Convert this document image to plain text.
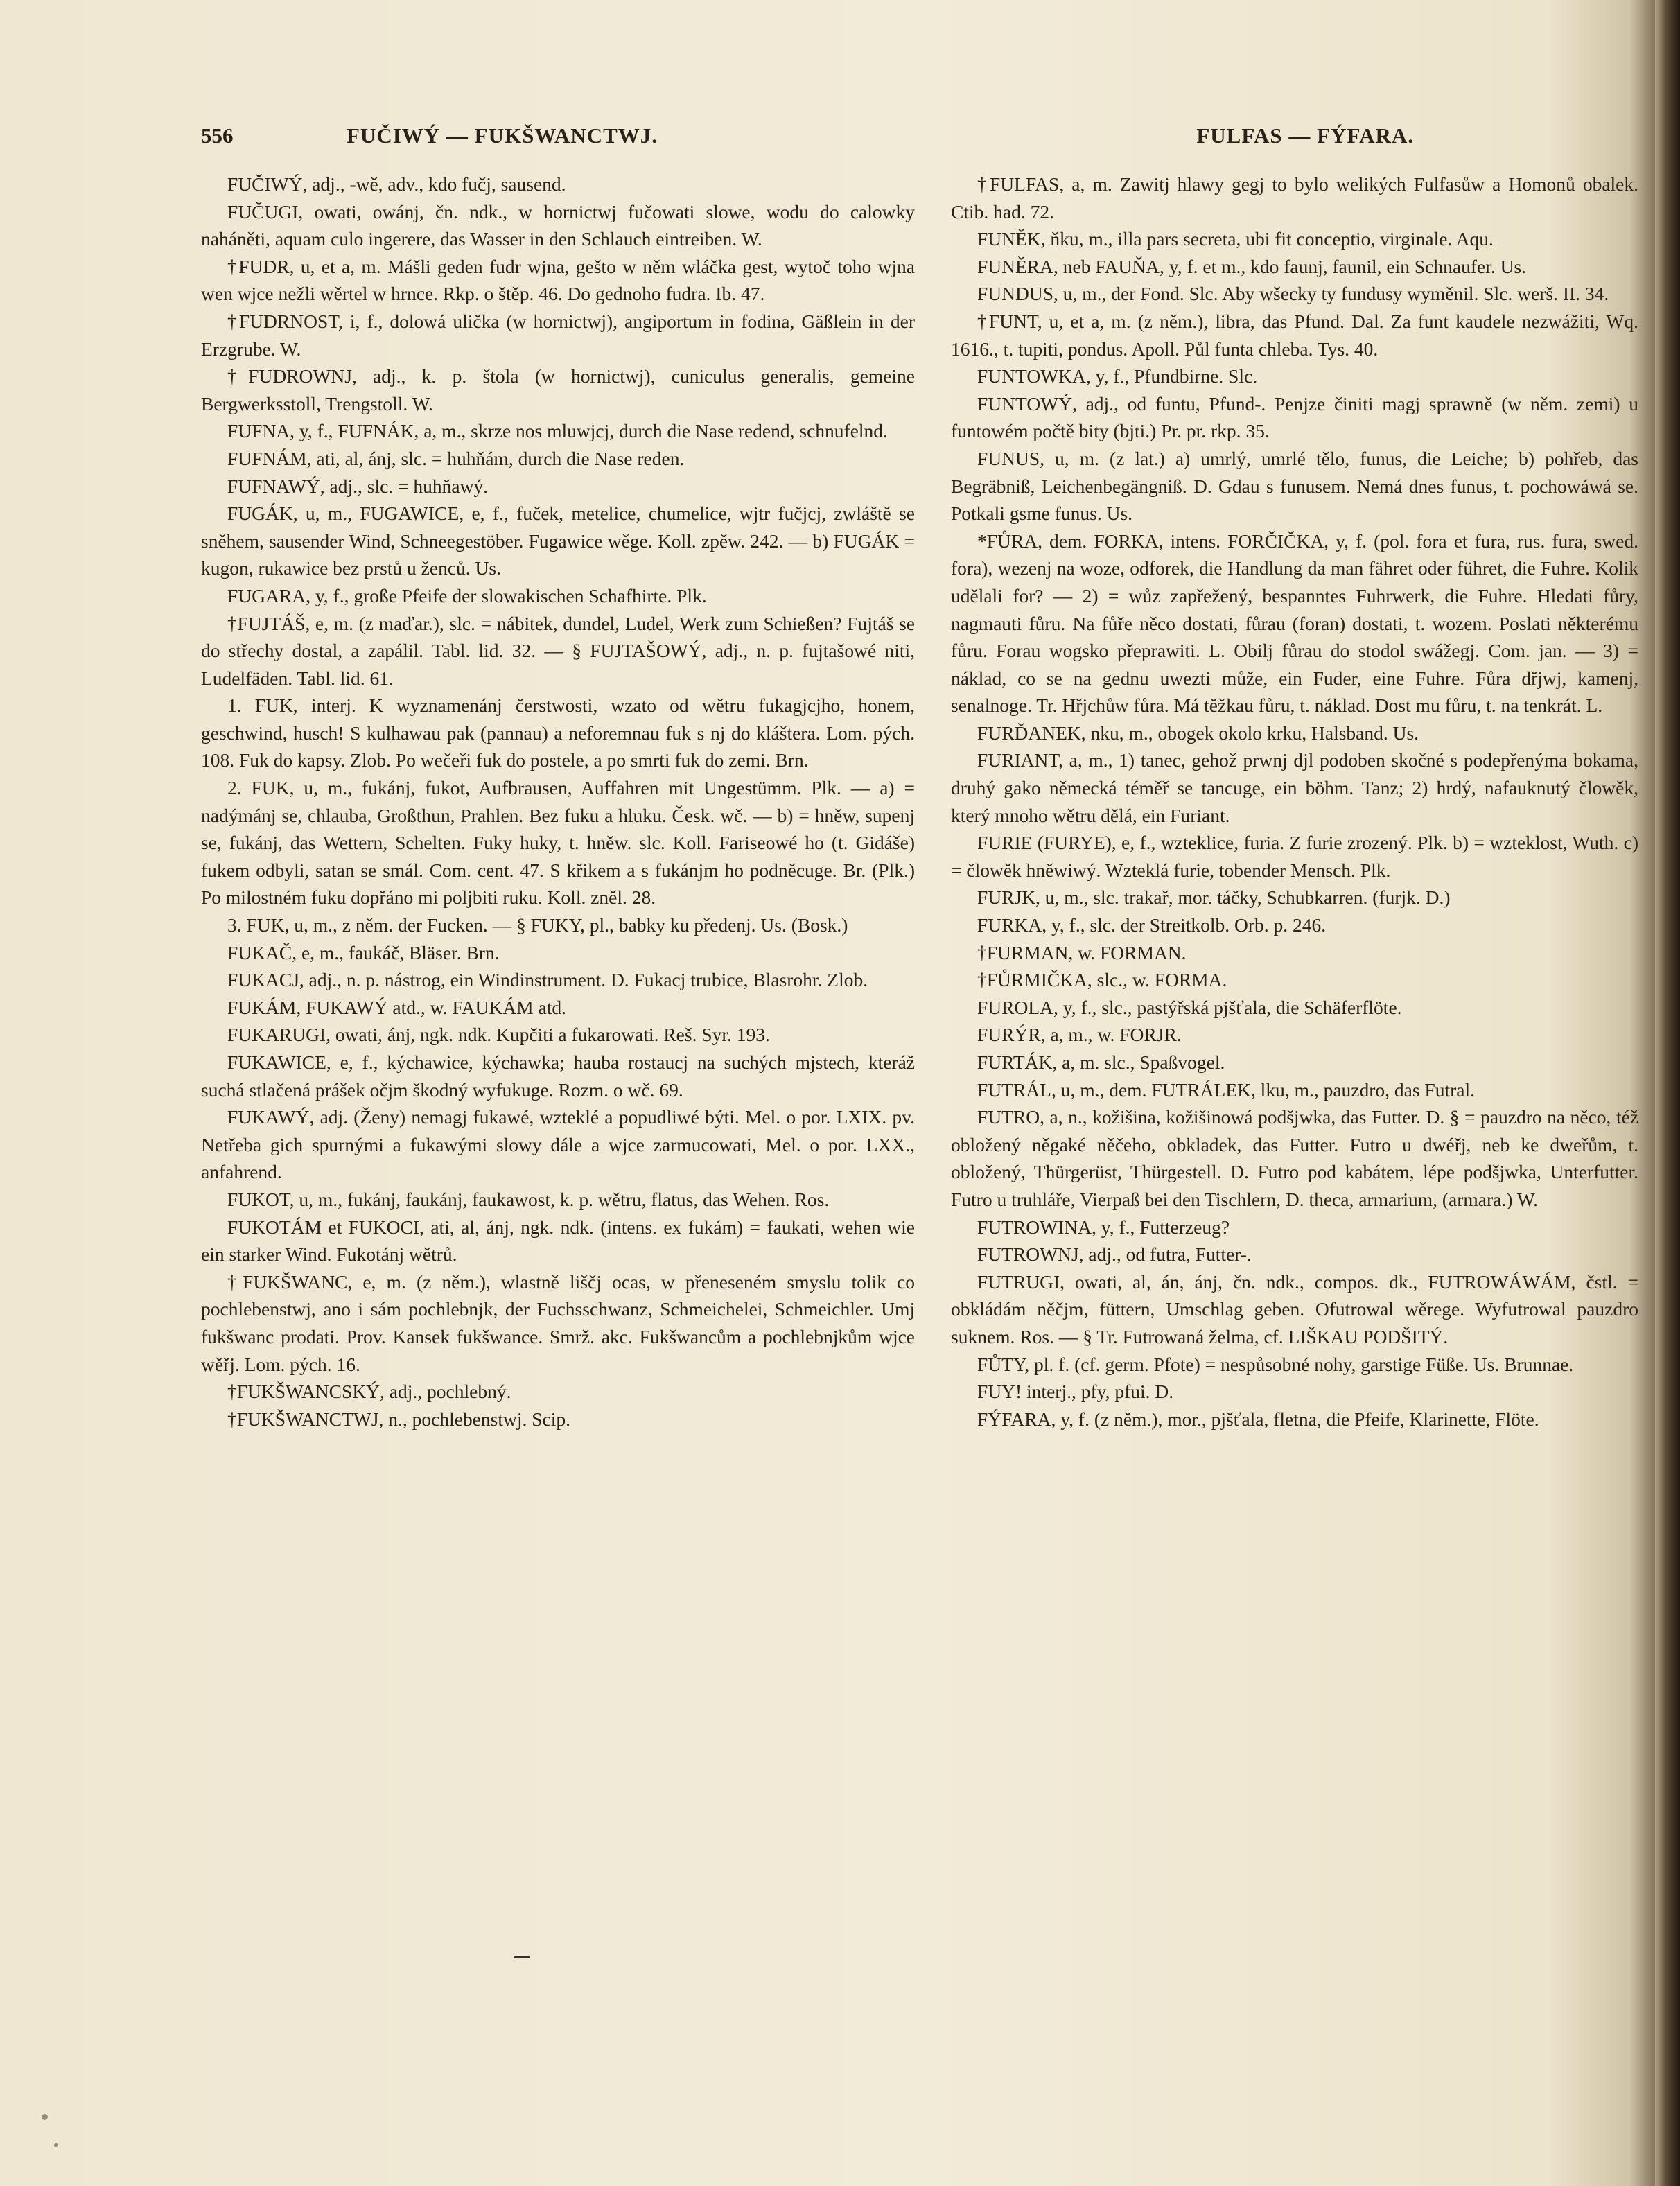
556	FUČIWÝ — FUKŠWANCTWJ.	FULFAS — FÝFARA.

FUČIWÝ, adj., -wě, adv., kdo fučj, sausend.

FUČUGI, owati, owánj, čn. ndk., w hornictwj fučowati slowe, wodu do calowky naháněti, aquam culo ingerere, das Wasser in den Schlauch eintreiben. W.

†FUDR, u, et a, m. Mášli geden fudr wjna, gešto w něm wláčka gest, wytoč toho wjna wen wjce nežli wěrtel w hrnce. Rkp. o štěp. 46. Do gednoho fudra. Ib. 47.

†FUDRNOST, i, f., dolowá ulička (w hornictwj), angiportum in fodina, Gäßlein in der Erzgrube. W.

†FUDROWNJ, adj., k. p. štola (w hornictwj), cuniculus generalis, gemeine Bergwerksstoll, Trengstoll. W.

FUFNA, y, f., FUFNÁK, a, m., skrze nos mluwjcj, durch die Nase redend, schnufelnd.

FUFNÁM, ati, al, ánj, slc. = huhňám, durch die Nase reden.

FUFNAWÝ, adj., slc. = huhňawý.

FUGÁK, u, m., FUGAWICE, e, f., fuček, metelice, chumelice, wjtr fučjcj, zwláště se sněhem, sausender Wind, Schneegestöber. Fugawice wěge. Koll. zpěw. 242. — b) FUGÁK = kugon, rukawice bez prstů u ženců. Us.

FUGARA, y, f., große Pfeife der slowakischen Schafhirte. Plk.

†FUJTÁŠ, e, m. (z maďar.), slc. = nábitek, dundel, Ludel, Werk zum Schießen? Fujtáš se do střechy dostal, a zapálil. Tabl. lid. 32. — § FUJTAŠOWÝ, adj., n. p. fujtašowé niti, Ludelfäden. Tabl. lid. 61.

1. FUK, interj. K wyznamenánj čerstwosti, wzato od wětru fukagjcjho, honem, geschwind, husch! S kulhawau pak (pannau) a neforemnau fuk s nj do kláštera. Lom. pých. 108. Fuk do kapsy. Zlob. Po wečeři fuk do postele, a po smrti fuk do zemi. Brn.

2. FUK, u, m., fukánj, fukot, Aufbrausen, Auffahren mit Ungestümm. Plk. — a) = nadýmánj se, chlauba, Großthun, Prahlen. Bez fuku a hluku. Česk. wč. — b) = hněw, supenj se, fukánj, das Wettern, Schelten. Fuky huky, t. hněw. slc. Koll. Fariseowé ho (t. Gidáše) fukem odbyli, satan se smál. Com. cent. 47. S křikem a s fukánjm ho podněcuge. Br. (Plk.) Po milostném fuku dopřáno mi poljbiti ruku. Koll. zněl. 28.

3. FUK, u, m., z něm. der Fucken. — § FUKY, pl., babky ku předenj. Us. (Bosk.)

FUKAČ, e, m., faukáč, Bläser. Brn.

FUKACJ, adj., n. p. nástrog, ein Windinstrument. D. Fukacj trubice, Blasrohr. Zlob.

FUKÁM, FUKAWÝ atd., w. FAUKÁM atd.

FUKARUGI, owati, ánj, ngk. ndk. Kupčiti a fukarowati. Reš. Syr. 193.

FUKAWICE, e, f., kýchawice, kýchawka; hauba rostaucj na suchých mjstech, kteráž suchá stlačená prášek očjm škodný wyfukuge. Rozm. o wč. 69.

FUKAWÝ, adj. (Ženy) nemagj fukawé, wzteklé a popudliwé býti. Mel. o por. LXIX. pv. Netřeba gich spurnými a fukawými slowy dále a wjce zarmucowati, Mel. o por. LXX., anfahrend.

FUKOT, u, m., fukánj, faukánj, faukawost, k. p. wětru, flatus, das Wehen. Ros.

FUKOTÁM et FUKOCI, ati, al, ánj, ngk. ndk. (intens. ex fukám) = faukati, wehen wie ein starker Wind. Fukotánj wětrů.

†FUKŠWANC, e, m. (z něm.), wlastně liščj ocas, w přeneseném smyslu tolik co pochlebenstwj, ano i sám pochlebnjk, der Fuchsschwanz, Schmeichelei, Schmeichler. Umj fukšwanc prodati. Prov. Kansek fukšwance. Smrž. akc. Fukšwancům a pochlebnjkům wjce wěřj. Lom. pých. 16.

†FUKŠWANCSKÝ, adj., pochlebný.

†FUKŠWANCTWJ, n., pochlebenstwj. Scip.

†FULFAS, a, m. Zawitj hlawy gegj to bylo welikých Fulfasůw a Homonů obalek. Ctib. had. 72.

FUNĚK, ňku, m., illa pars secreta, ubi fit conceptio, virginale. Aqu.

FUNĚRA, neb FAUŇA, y, f. et m., kdo faunj, faunil, ein Schnaufer. Us.

FUNDUS, u, m., der Fond. Slc. Aby wšecky ty fundusy wyměnil. Slc. werš. II. 34.

†FUNT, u, et a, m. (z něm.), libra, das Pfund. Dal. Za funt kaudele nezwážiti, Wq. 1616., t. tupiti, pondus. Apoll. Půl funta chleba. Tys. 40.

FUNTOWKA, y, f., Pfundbirne. Slc.

FUNTOWÝ, adj., od funtu, Pfund-. Penjze činiti magj sprawně (w něm. zemi) u funtowém počtě bity (bjti.) Pr. pr. rkp. 35.

FUNUS, u, m. (z lat.) a) umrlý, umrlé tělo, funus, die Leiche; b) pohřeb, das Begräbniß, Leichenbegängniß. D. Gdau s funusem. Nemá dnes funus, t. pochowáwá se. Potkali gsme funus. Us.

*FŮRA, dem. FORKA, intens. FORČIČKA, y, f. (pol. fora et fura, rus. fura, swed. fora), wezenj na woze, odforek, die Handlung da man fähret oder führet, die Fuhre. Kolik udělali for? — 2) = wůz zapřežený, bespanntes Fuhrwerk, die Fuhre. Hledati fůry, nagmauti fůru. Na fůře něco dostati, fůrau (foran) dostati, t. wozem. Poslati některému fůru. Forau wogsko přeprawiti. L. Obilj fůrau do stodol swážegj. Com. jan. — 3) = náklad, co se na gednu uwezti může, ein Fuder, eine Fuhre. Fůra dřjwj, kamenj, senalnoge. Tr. Hřjchůw fůra. Má těžkau fůru, t. náklad. Dost mu fůru, t. na tenkrát. L.

FURĎANEK, nku, m., obogek okolo krku, Halsband. Us.

FURIANT, a, m., 1) tanec, gehož prwnj djl podoben skočné s podepřenýma bokama, druhý gako německá téměř se tancuge, ein böhm. Tanz; 2) hrdý, nafauknutý člowěk, který mnoho wětru dělá, ein Furiant.

FURIE (FURYE), e, f., wzteklice, furia. Z furie zrozený. Plk. b) = wzteklost, Wuth. c) = člowěk hněwiwý. Wzteklá furie, tobender Mensch. Plk.

FURJK, u, m., slc. trakař, mor. táčky, Schubkarren. (furjk. D.)

FURKA, y, f., slc. der Streitkolb. Orb. p. 246.

†FURMAN, w. FORMAN.

†FŮRMIČKA, slc., w. FORMA.

FUROLA, y, f., slc., pastýřská pjšťala, die Schäferflöte.

FURÝR, a, m., w. FORJR.

FURTÁK, a, m. slc., Spaßvogel.

FUTRÁL, u, m., dem. FUTRÁLEK, lku, m., pauzdro, das Futral.

FUTRO, a, n., kožišina, kožišinowá podšjwka, das Futter. D. § = pauzdro na něco, též obložený něgaké něčeho, obkladek, das Futter. Futro u dwéřj, neb ke dweřům, t. obložený, Thürgerüst, Thürgestell. D. Futro pod kabátem, lépe podšjwka, Unterfutter. Futro u truhláře, Vierpaß bei den Tischlern, D. theca, armarium, (armara.) W.

FUTROWINA, y, f., Futterzeug?

FUTROWNJ, adj., od futra, Futter-.

FUTRUGI, owati, al, án, ánj, čn. ndk., compos. dk., FUTROWÁWÁM, čstl. = obkládám něčjm, füttern, Umschlag geben. Ofutrowal wěrege. Wyfutrowal pauzdro suknem. Ros. — § Tr. Futrowaná želma, cf. LIŠKAU PODŠITÝ.

FŮTY, pl. f. (cf. germ. Pfote) = nespůsobné nohy, garstige Füße. Us. Brunnae.

FUY! interj., pfy, pfui. D.

FÝFARA, y, f. (z něm.), mor., pjšťala, fletna, die Pfeife, Klarinette, Flöte.
